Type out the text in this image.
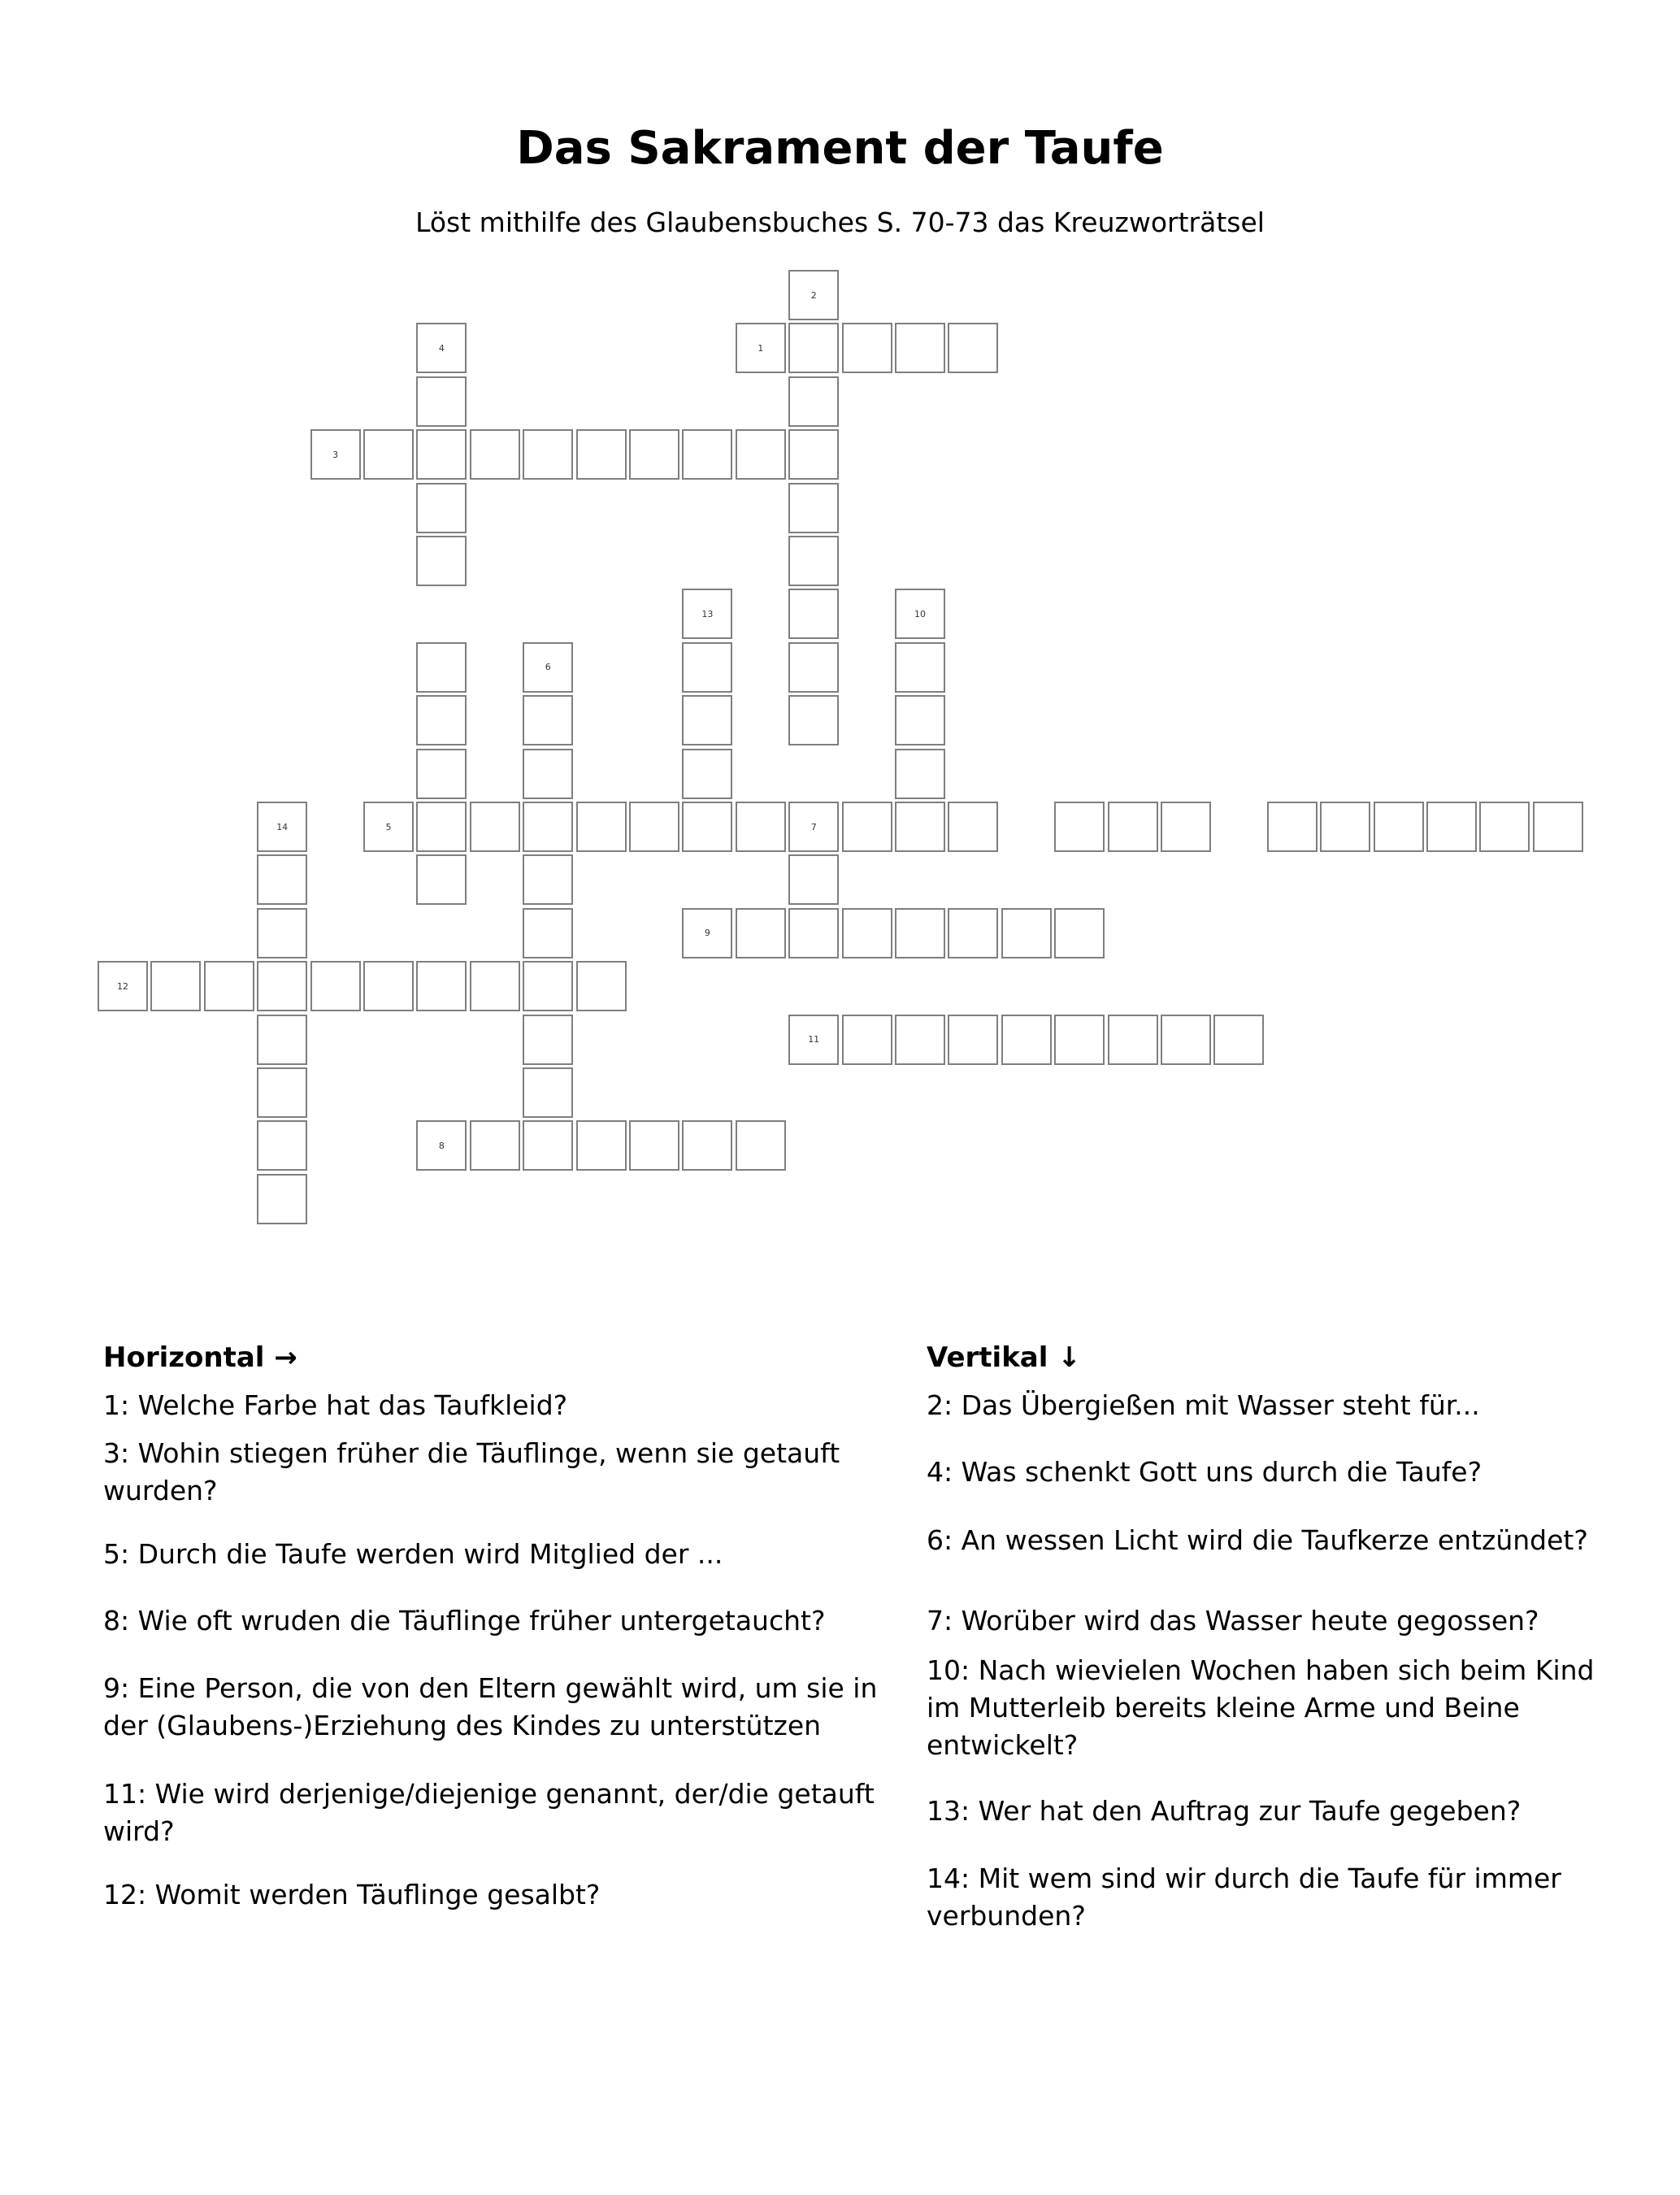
Das Sakrament der Taufe
Löst mithilfe des Glaubensbuches S. 70-73 das Kreuzworträtsel
2
4	1
3
13	10
6
14	5	7
9
12
11
8
Horizontal →
1: Welche Farbe hat das Taufkleid?
3: Wohin stiegen früher die Täuflinge, wenn sie getauft wurden?
5: Durch die Taufe werden wird Mitglied der ...
8: Wie oft wruden die Täuflinge früher untergetaucht?
9: Eine Person, die von den Eltern gewählt wird, um sie in der (Glaubens-)Erziehung des Kindes zu unterstützen
11: Wie wird derjenige/diejenige genannt, der/die getauft wird?
12: Womit werden Täuflinge gesalbt?
Vertikal ↓
2: Das Übergießen mit Wasser steht für...
4: Was schenkt Gott uns durch die Taufe?
6: An wessen Licht wird die Taufkerze entzündet?
7: Worüber wird das Wasser heute gegossen?
10: Nach wievielen Wochen haben sich beim Kind im Mutterleib bereits kleine Arme und Beine entwickelt?
13: Wer hat den Auftrag zur Taufe gegeben?
14: Mit wem sind wir durch die Taufe für immer verbunden?
